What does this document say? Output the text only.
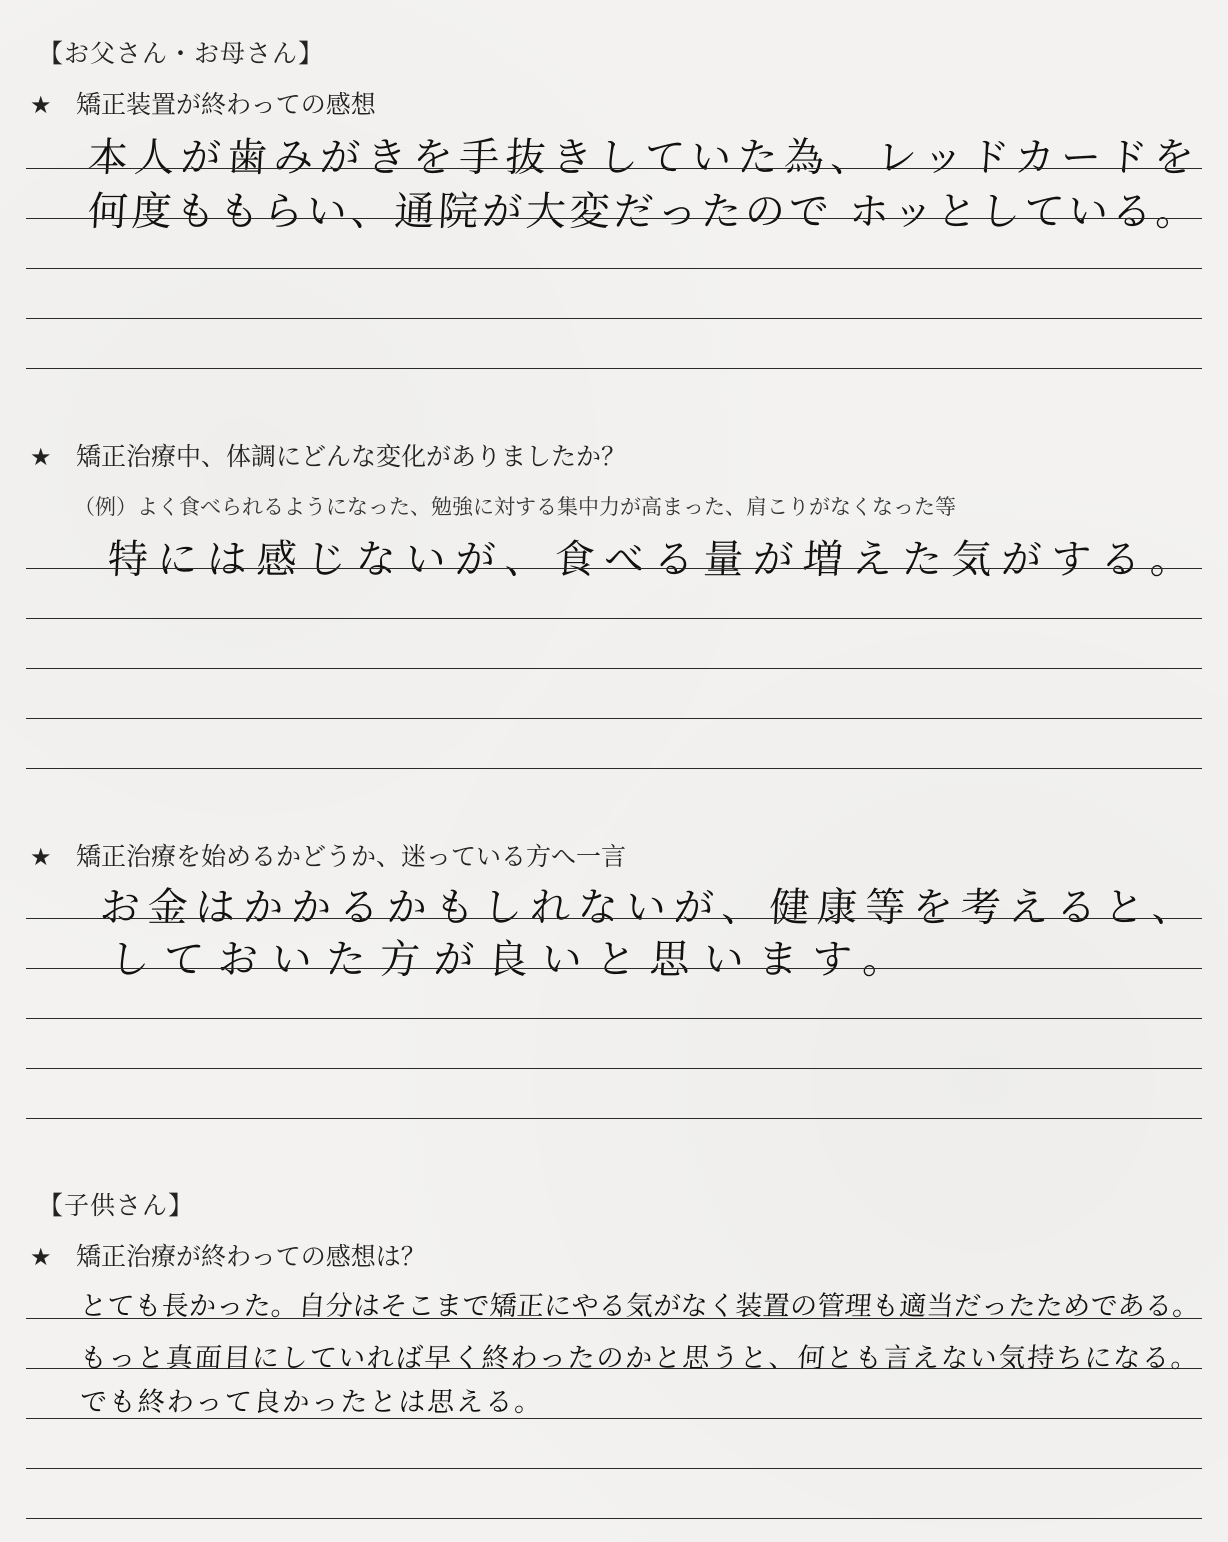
【お父さん・お母さん】
★ 矯正装置が終わっての感想
本人が歯みがきを手抜きしていた為、レッドカードを
何度ももらい、通院が大変だったので ホッとしている。
★ 矯正治療中、体調にどんな変化がありましたか？
（例）よく食べられるようになった、勉強に対する集中力が高まった、肩こりがなくなった等
特には感じないが、食べる量が増えた気がする。
★ 矯正治療を始めるかどうか、迷っている方へ一言
お金はかかるかもしれないが、健康等を考えると、
しておいた方が良いと思います。
【子供さん】
★ 矯正治療が終わっての感想は？
とても長かった。自分はそこまで矯正にやる気がなく装置の管理も適当だったためである。
もっと真面目にしていれば早く終わったのかと思うと、何とも言えない気持ちになる。
でも終わって良かったとは思える。
